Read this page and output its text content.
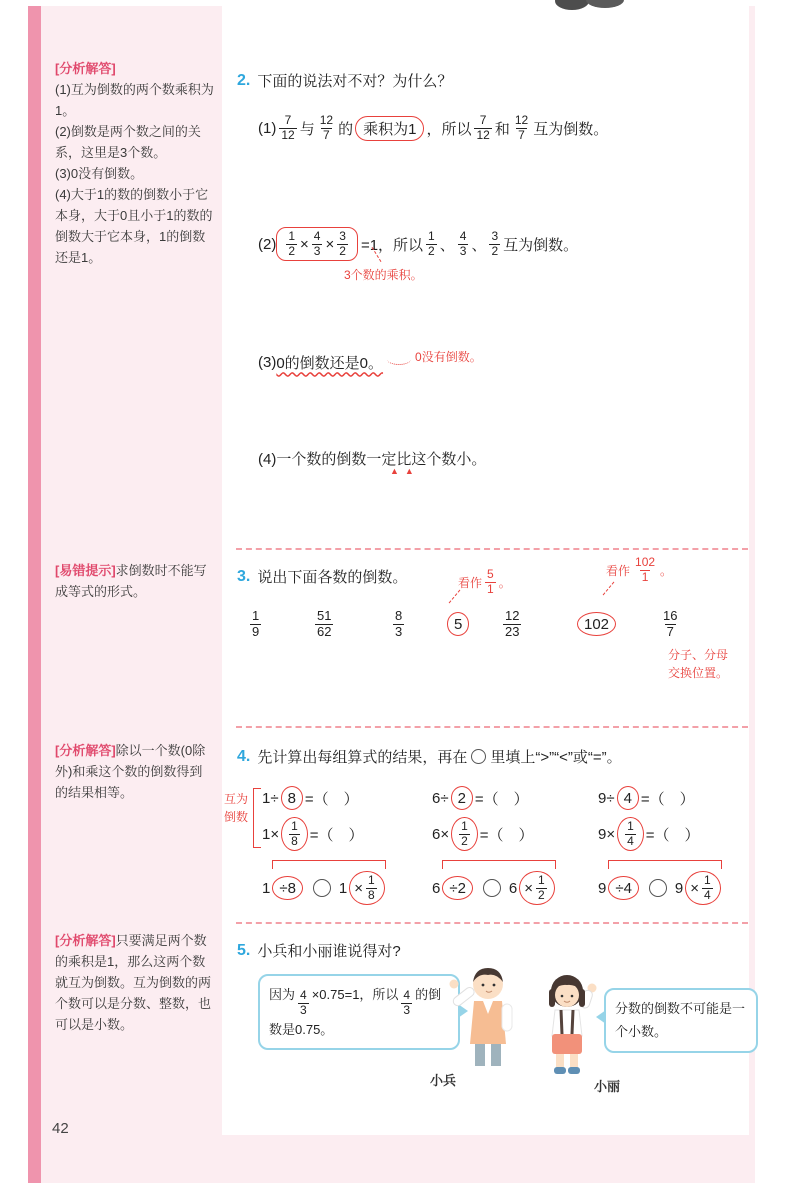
[分析解答]
(1)互为倒数的两个数乘积为1。
(2)倒数是两个数之间的关系，这里是3个数。
(3)0没有倒数。
(4)大于1的数的倒数小于它本身，大于0且小于1的数的倒数大于它本身，1的倒数还是1。
[易错提示]求倒数时不能写成等式的形式。
[分析解答]除以一个数(0除外)和乘这个数的倒数得到的结果相等。
[分析解答]只要满足两个数的乘积是1，那么这两个数就互为倒数。互为倒数的两个数可以是分数、整数，也可以是小数。
42
2. 下面的说法对不对？为什么？
$(1) \frac{7}{12}$ 与 $\frac{12}{7}$ 的 乘积为1 ，所以 $\frac{7}{12}$ 和 $\frac{12}{7}$ 互为倒数。
$(2) \frac{1}{2} \times \frac{4}{3} \times \frac{3}{2} =1$，所以 $\frac{1}{2}$ 、 $\frac{4}{3}$ 、 $\frac{3}{2}$ 互为倒数。
3个数的乘积。
(3) 0的倒数还是0。	0没有倒数。
(4)一个数的倒数一定比这个数小。
▲▲
3. 说出下面各数的倒数。	看作 $\frac{5}{1}$ 。
看作 $\frac{102}{1}$ 。
$\frac{1}{9}$	$\frac{51}{62}$	$\frac{8}{3}$	5	$\frac{12}{23}$	102	$\frac{16}{7}$
分子、分母
交换位置。
4. 先计算出每组算式的结果，再在 里填上“>”“<”或“=”。
互为
倒数
1÷ 8 =（　）
$1\times \frac{1}{8}$ =（　）
1 ÷ 8	$1 \times \frac{1}{8}$
6÷ 2 =（　）
$6\times \frac{1}{2}$ =（　）
6 ÷ 2	$6 \times \frac{1}{2}$
9÷ 4 =（　）
$9\times \frac{1}{4}$ =（　）
9 ÷ 4	$9 \times \frac{1}{4}$
5. 小兵和小丽谁说得对?
因为 $\frac{4}{3} \times 0.75=1$，所以 $\frac{4}{3}$ 的倒数是0.75。
分数的倒数不可能是一个小数。
小兵	小丽
